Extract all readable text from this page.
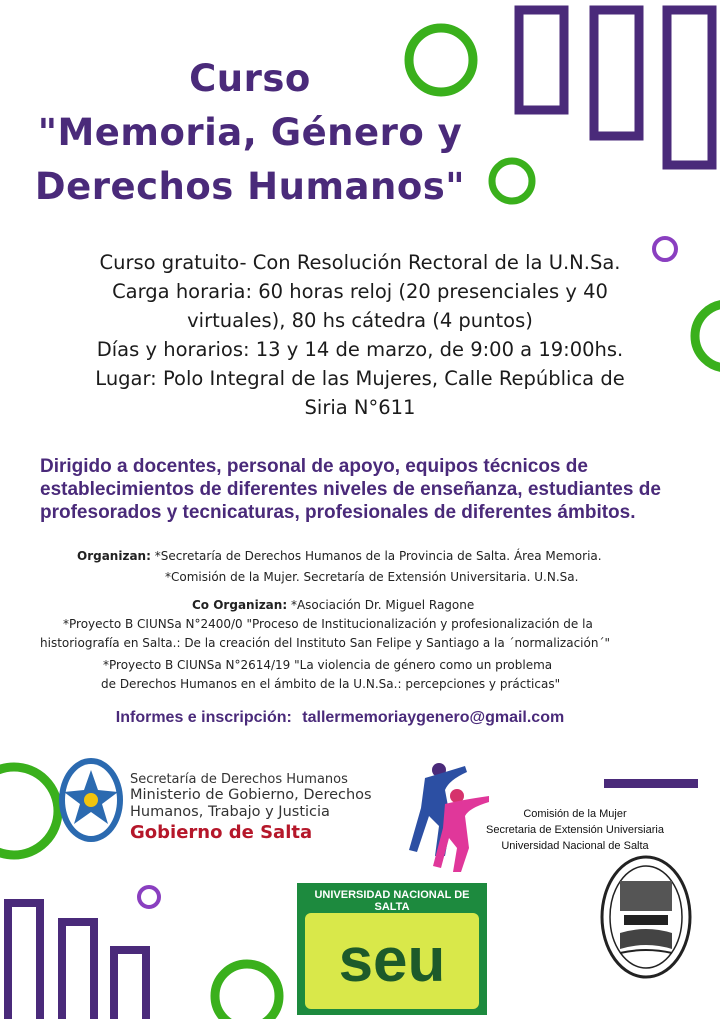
Curso
"Memoria, Género y
Derechos Humanos"
Curso gratuito- Con Resolución Rectoral de la U.N.Sa.
Carga horaria: 60 horas reloj (20 presenciales y 40
virtuales), 80 hs cátedra (4 puntos)
Días y horarios: 13 y 14 de marzo, de 9:00 a 19:00hs.
Lugar: Polo Integral de las Mujeres, Calle República de
Siria N°611
Dirigido a docentes, personal de apoyo, equipos técnicos de
establecimientos de diferentes niveles de enseñanza, estudiantes de
profesorados y tecnicaturas, profesionales de diferentes ámbitos.
Organizan: *Secretaría de Derechos Humanos de la Provincia de Salta. Área Memoria.
*Comisión de la Mujer. Secretaría de Extensión Universitaria. U.N.Sa.
Co Organizan: *Asociación Dr. Miguel Ragone
*Proyecto B CIUNSa N°2400/0 "Proceso de Institucionalización y profesionalización de la
historiografía en Salta.: De la creación del Instituto San Felipe y Santiago a la ´normalización´"
*Proyecto B CIUNSa N°2614/19 "La violencia de género como un problema
de Derechos Humanos en el ámbito de la U.N.Sa.: percepciones y prácticas"
Informes e inscripción: tallermemoriaygenero@gmail.com
Secretaría de Derechos Humanos
Ministerio de Gobierno, Derechos
Humanos, Trabajo y Justicia
Gobierno de Salta
Comisión de la Mujer
Secretaria de Extensión Universiaria
Universidad Nacional de Salta
UNIVERSIDAD NACIONAL DE SALTA
seu
